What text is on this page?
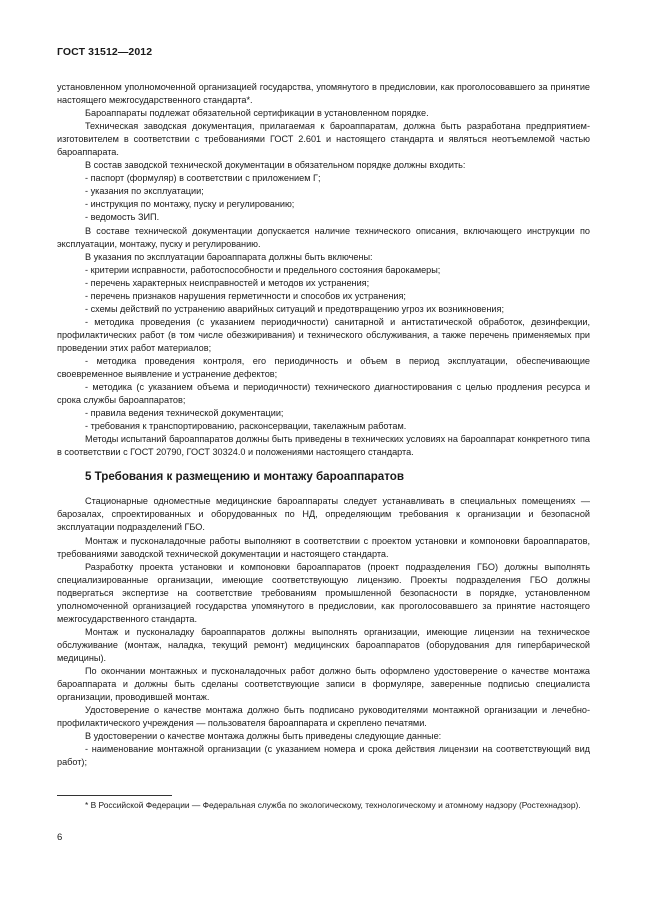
ГОСТ 31512—2012

установленном уполномоченной организацией государства, упомянутого в предисловии, как проголосовавшего за принятие настоящего межгосударственного стандарта*.

Бароаппараты подлежат обязательной сертификации в установленном порядке.

Техническая заводская документация, прилагаемая к бароаппаратам, должна быть разработана предприятием-изготовителем в соответствии с требованиями ГОСТ 2.601 и настоящего стандарта и являться неотъемлемой частью бароаппарата.

В состав заводской технической документации в обязательном порядке должны входить:

- паспорт (формуляр) в соответствии с приложением Г;

- указания по эксплуатации;

- инструкция по монтажу, пуску и регулированию;

- ведомость ЗИП.

В составе технической документации допускается наличие технического описания, включающего инструкции по эксплуатации, монтажу, пуску и регулированию.

В указания по эксплуатации бароаппарата должны быть включены:

- критерии исправности, работоспособности и предельного состояния барокамеры;

- перечень характерных неисправностей и методов их устранения;

- перечень признаков нарушения герметичности и способов их устранения;

- схемы действий по устранению аварийных ситуаций и предотвращению угроз их возникновения;

- методика проведения (с указанием периодичности) санитарной и антистатической обработок, дезинфекции, профилактических работ (в том числе обезжиривания) и технического обслуживания, а также перечень применяемых при проведении этих работ материалов;

- методика проведения контроля, его периодичность и объем в период эксплуатации, обеспечивающие своевременное выявление и устранение дефектов;

- методика (с указанием объема и периодичности) технического диагностирования с целью продления ресурса и срока службы бароаппаратов;

- правила ведения технической документации;

- требования к транспортированию, расконсервации, такелажным работам.

Методы испытаний бароаппаратов должны быть приведены в технических условиях на бароаппарат конкретного типа в соответствии с ГОСТ 20790, ГОСТ 30324.0 и положениями настоящего стандарта.

5 Требования к размещению и монтажу бароаппаратов

Стационарные одноместные медицинские бароаппараты следует устанавливать в специальных помещениях — барозалах, спроектированных и оборудованных по НД, определяющим требования к организации и безопасной эксплуатации подразделений ГБО.

Монтаж и пусконаладочные работы выполняют в соответствии с проектом установки и компоновки бароаппаратов, требованиями заводской технической документации и настоящего стандарта.

Разработку проекта установки и компоновки бароаппаратов (проект подразделения ГБО) должны выполнять специализированные организации, имеющие соответствующую лицензию. Проекты подразделения ГБО должны подвергаться экспертизе на соответствие требованиям промышленной безопасности в порядке, установленном уполномоченной организацией государства упомянутого в предисловии, как проголосовавшего за принятие настоящего межгосударственного стандарта.

Монтаж и пусконаладку бароаппаратов должны выполнять организации, имеющие лицензии на техническое обслуживание (монтаж, наладка, текущий ремонт) медицинских бароаппаратов (оборудования для гипербарической медицины).

По окончании монтажных и пусконаладочных работ должно быть оформлено удостоверение о качестве монтажа бароаппарата и должны быть сделаны соответствующие записи в формуляре, заверенные подписью специалиста организации, проводившей монтаж.

Удостоверение о качестве монтажа должно быть подписано руководителями монтажной организации и лечебно-профилактического учреждения — пользователя бароаппарата и скреплено печатями.

В удостоверении о качестве монтажа должны быть приведены следующие данные:

- наименование монтажной организации (с указанием номера и срока действия лицензии на соответствующий вид работ);

* В Российской Федерации — Федеральная служба по экологическому, технологическому и атомному надзору (Ростехнадзор).

6
